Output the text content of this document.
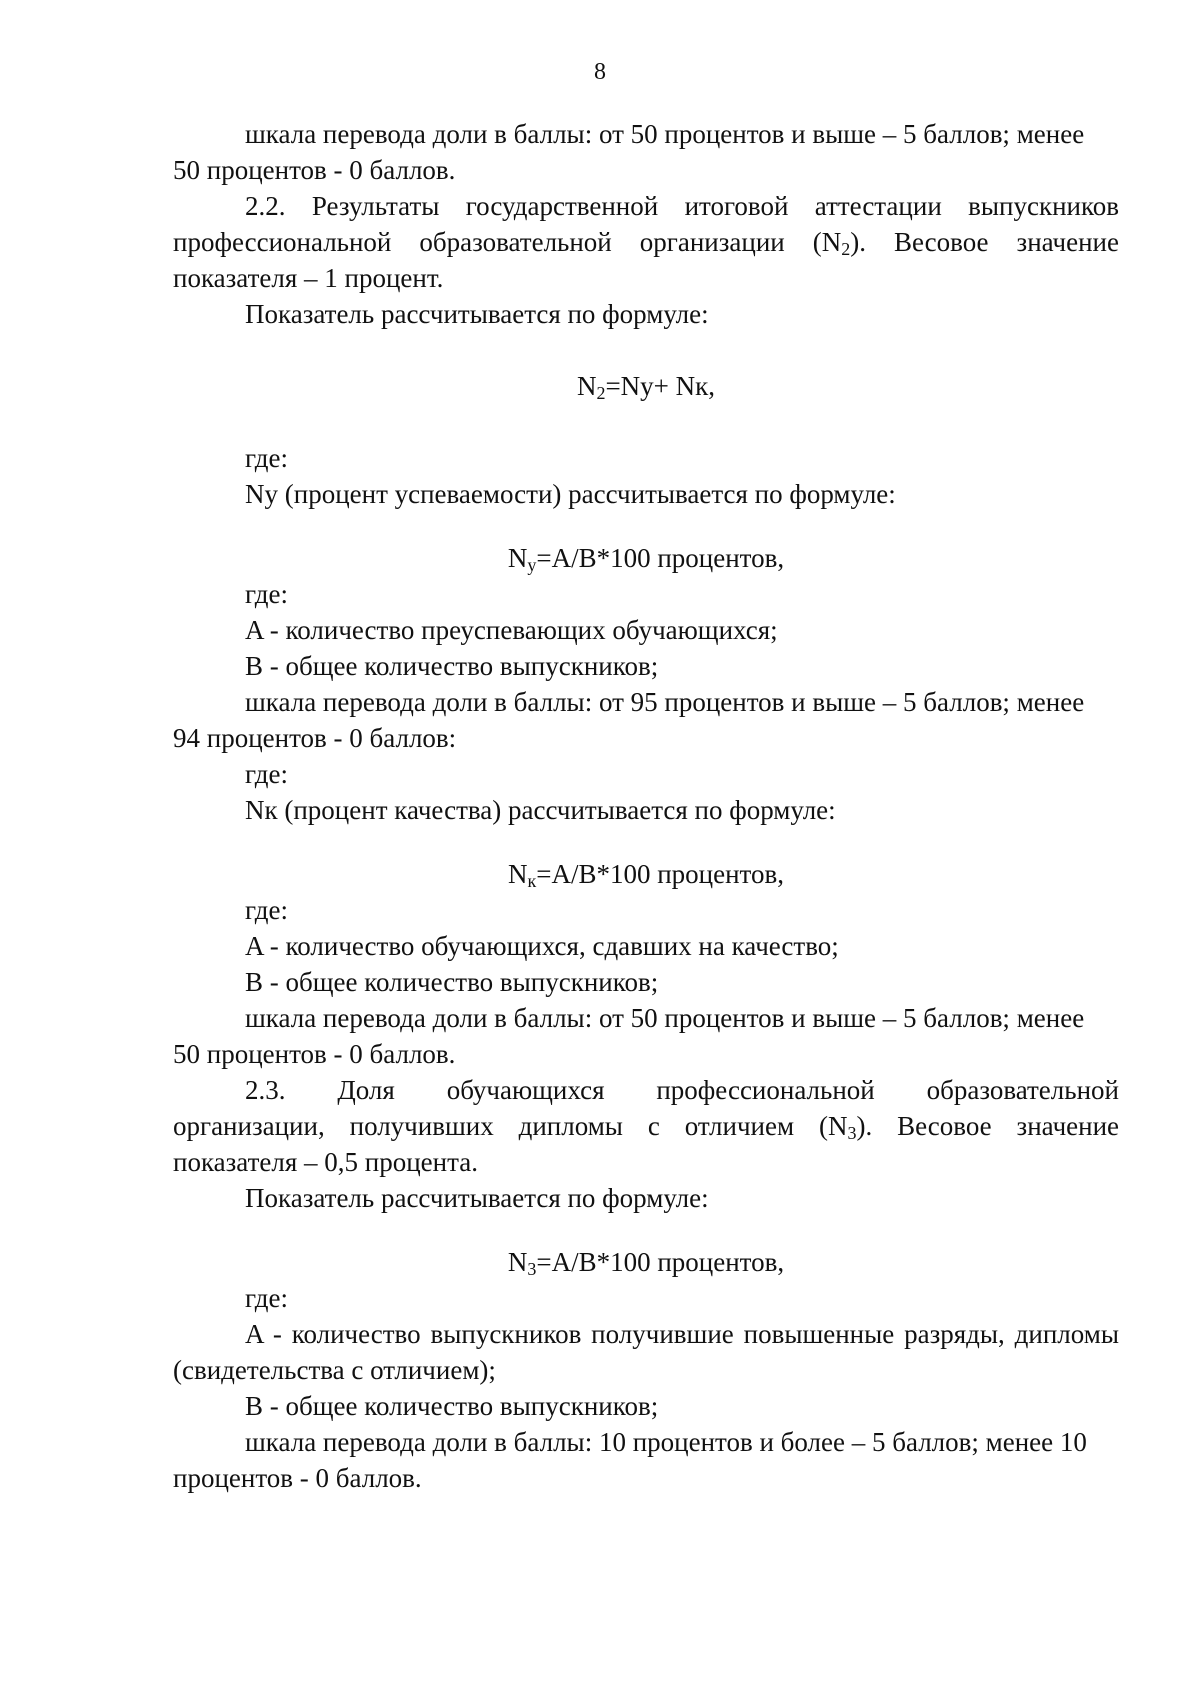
8

шкала перевода доли в баллы: от 50 процентов и выше – 5 баллов; менее

50 процентов - 0 баллов.

2.2. Результаты государственной итоговой аттестации выпускников профессиональной образовательной организации $(N_2)$. Весовое значение показателя – 1 процент.

Показатель рассчитывается по формуле:

$N_2=Ny+$ Nк,

где:

Ny (процент успеваемости) рассчитывается по формуле:

$N_у=A/B*100$ процентов,

где:

A - количество преуспевающих обучающихся;

B - общее количество выпускников;

шкала перевода доли в баллы: от 95 процентов и выше – 5 баллов; менее

94 процентов - 0 баллов:

где:

Nк (процент качества) рассчитывается по формуле:

$N_к=A/B*100$ процентов,

где:

A - количество обучающихся, сдавших на качество;

B - общее количество выпускников;

шкала перевода доли в баллы: от 50 процентов и выше – 5 баллов; менее

50 процентов - 0 баллов.

2.3. Доля обучающихся профессиональной образовательной

организации, получивших дипломы с отличием $(N_3)$. Весовое значение

показателя – 0,5 процента.

Показатель рассчитывается по формуле:

$N_3=A/B*100$ процентов,

где:

A - количество выпускников получившие повышенные разряды, дипломы (свидетельства с отличием);

B - общее количество выпускников;

шкала перевода доли в баллы: 10 процентов и более – 5 баллов; менее 10

процентов - 0 баллов.
